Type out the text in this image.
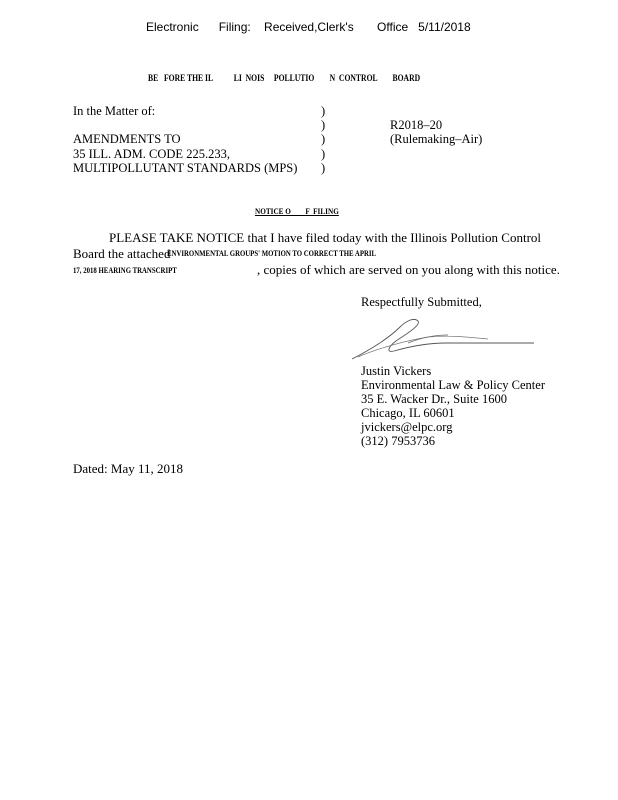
Electronic      Filing:    Received,Clerk's       Office   5/11/2018
BE   FORE THE IL           LI  NOIS     POLLUTIO        N  CONTROL        BOARD
In the Matter of:
AMENDMENTS TO
35 ILL. ADM. CODE 225.233,
MULTIPOLLUTANT STANDARDS (MPS)
)
)
)
)
)
R2018–20
(Rulemaking–Air)
NOTICE O        F  FILING
PLEASE TAKE NOTICE that I have filed today with the Illinois Pollution Control
Board the attached
ENVIRONMENTAL GROUPS' MOTION TO CORRECT THE APRIL
17, 2018 HEARING TRANSCRIPT	, copies of which are served on you along with this notice.
Respectfully Submitted,
Justin Vickers
Environmental Law & Policy Center
35 E. Wacker Dr., Suite 1600
Chicago, IL 60601
jvickers@elpc.org
(312) 7953736
Dated: May 11, 2018
